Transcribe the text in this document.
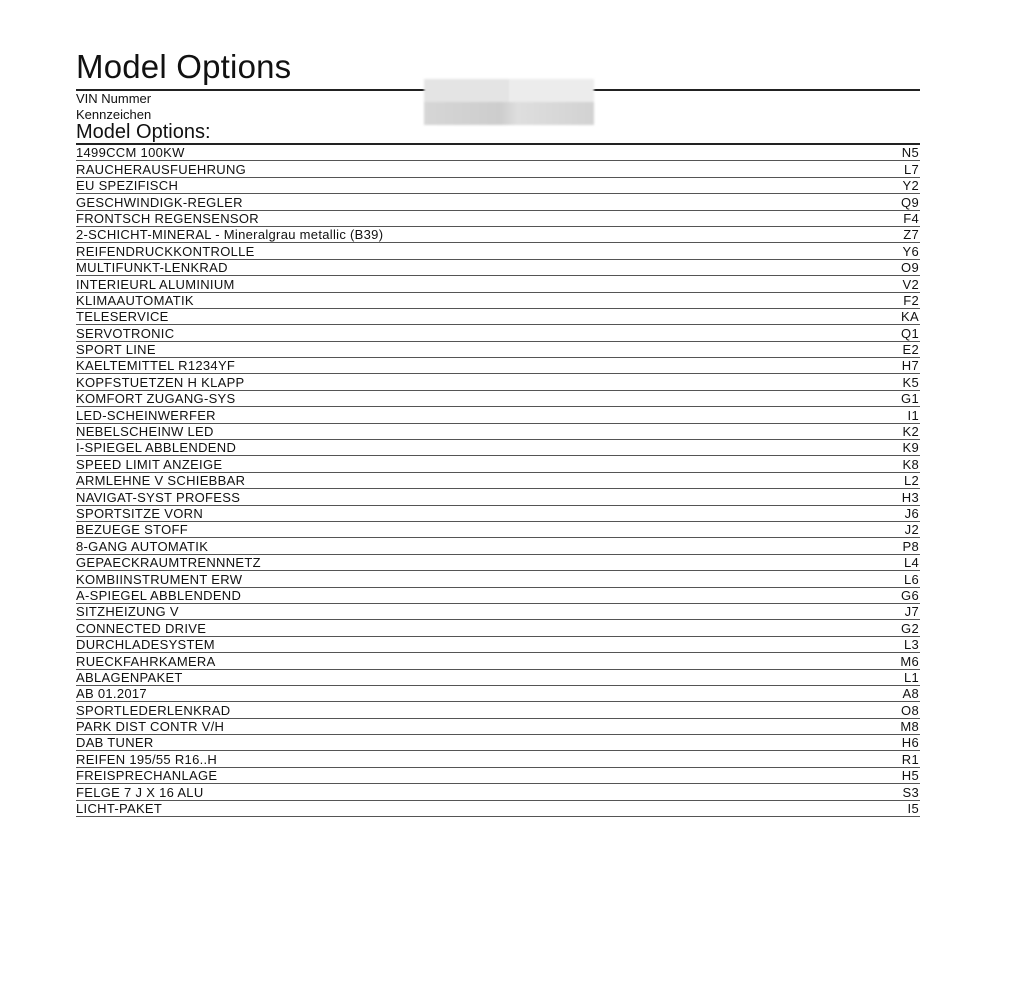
Model Options
VIN Nummer
Kennzeichen
Model Options:
1499CCM 100KW	N5
RAUCHERAUSFUEHRUNG	L7
EU SPEZIFISCH	Y2
GESCHWINDIGK-REGLER	Q9
FRONTSCH REGENSENSOR	F4
2-SCHICHT-MINERAL - Mineralgrau metallic (B39)	Z7
REIFENDRUCKKONTROLLE	Y6
MULTIFUNKT-LENKRAD	O9
INTERIEURL ALUMINIUM	V2
KLIMAAUTOMATIK	F2
TELESERVICE	KA
SERVOTRONIC	Q1
SPORT LINE	E2
KAELTEMITTEL R1234YF	H7
KOPFSTUETZEN H KLAPP	K5
KOMFORT ZUGANG-SYS	G1
LED-SCHEINWERFER	I1
NEBELSCHEINW LED	K2
I-SPIEGEL ABBLENDEND	K9
SPEED LIMIT ANZEIGE	K8
ARMLEHNE V SCHIEBBAR	L2
NAVIGAT-SYST PROFESS	H3
SPORTSITZE VORN	J6
BEZUEGE STOFF	J2
8-GANG AUTOMATIK	P8
GEPAECKRAUMTRENNNETZ	L4
KOMBIINSTRUMENT ERW	L6
A-SPIEGEL ABBLENDEND	G6
SITZHEIZUNG V	J7
CONNECTED DRIVE	G2
DURCHLADESYSTEM	L3
RUECKFAHRKAMERA	M6
ABLAGENPAKET	L1
AB 01.2017	A8
SPORTLEDERLENKRAD	O8
PARK DIST CONTR V/H	M8
DAB TUNER	H6
REIFEN 195/55 R16..H	R1
FREISPRECHANLAGE	H5
FELGE 7 J X 16 ALU	S3
LICHT-PAKET	I5
